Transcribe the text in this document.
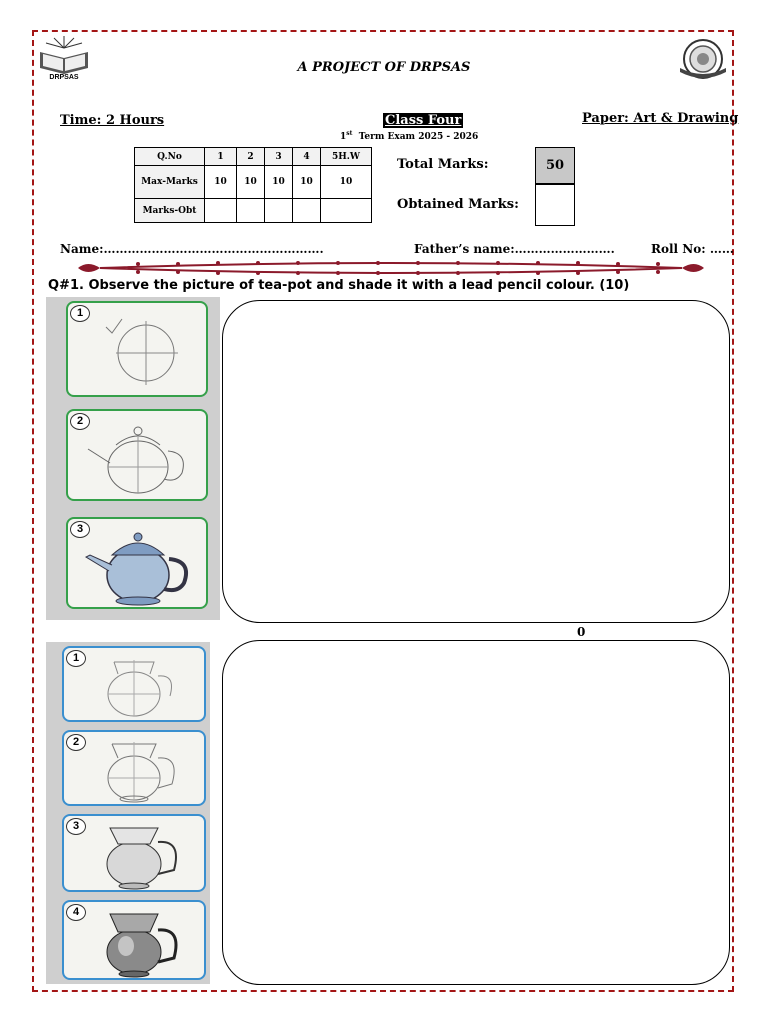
DRPSAS
A PROJECT OF DRPSAS
Time: 2 Hours	Class Four
1st Term Exam 2025 - 2026
Paper: Art & Drawing
Q.No	1	2	3	4	5H.W
Max-Marks	10	10	10	10	10
Marks-Obt					
Total Marks:	50
Obtained Marks:
Name:……………………………………………….	Father’s name:…………………….	Roll No: ……
Q#1. Observe the picture of tea-pot and shade it with a lead pencil colour. (10)
1
2
3
0
1
2
3
4
